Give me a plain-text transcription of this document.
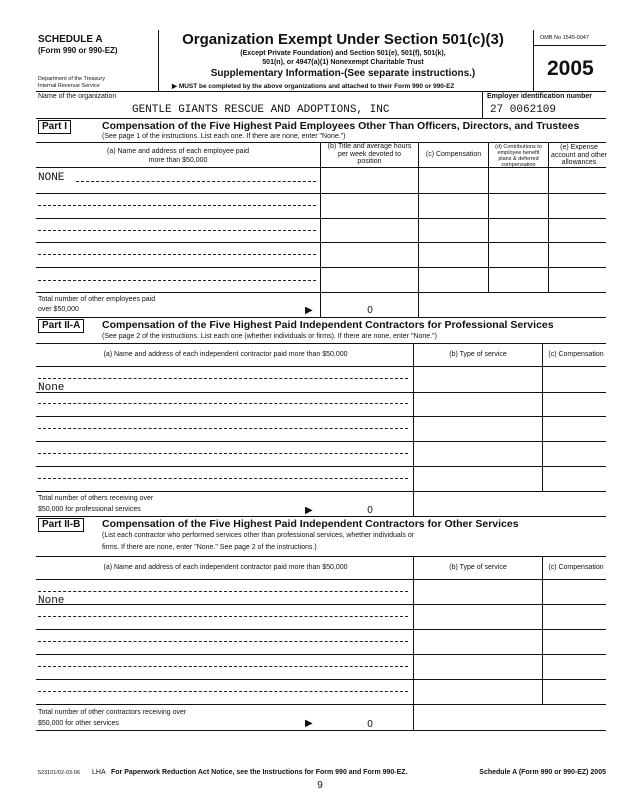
SCHEDULE A
(Form 990 or 990-EZ)
Department of the Treasury
Internal Revenue Service
Organization Exempt Under Section 501(c)(3)
(Except Private Foundation) and Section 501(e), 501(f), 501(k),
501(n), or 4947(a)(1) Nonexempt Charitable Trust
Supplementary Information-(See separate instructions.)
▶ MUST be completed by the above organizations and attached to their Form 990 or 990-EZ
OMB No 1545-0047
2005
Name of the organization
GENTLE GIANTS RESCUE AND ADOPTIONS, INC
Employer identification number
27 0062109
Part I	Compensation of the Five Highest Paid Employees Other Than Officers, Directors, and Trustees
(See page 1 of the instructions. List each one. If there are none, enter "None.")
(a) Name and address of each employee paid
more than $50,000
(b) Title and average hours
per week devoted to
position
(c) Compensation
(d) Contributions to
employee benefit
plans & deferred
compensation
(e) Expense
account and other
allowances
NONE
Total number of other employees paid
over $50,000	▶	0
Part II-A	Compensation of the Five Highest Paid Independent Contractors for Professional Services
(See page 2 of the instructions. List each one (whether individuals or firms). If there are none, enter "None.")
(a) Name and address of each independent contractor paid more than $50,000	(b) Type of service	(c) Compensation
None
Total number of others receiving over
$50,000 for professional services	▶	0
Part II-B	Compensation of the Five Highest Paid Independent Contractors for Other Services
(List each contractor who performed services other than professional services, whether individuals or
firms. If there are none, enter "None." See page 2 of the instructions.)
(a) Name and address of each independent contractor paid more than $50,000	(b) Type of service	(c) Compensation
None
Total number of other contractors receiving over
$50,000 for other services	▶	0
523101/02-03-06 LHA For Paperwork Reduction Act Notice, see the Instructions for Form 990 and Form 990-EZ.	Schedule A (Form 990 or 990-EZ) 2005
9
